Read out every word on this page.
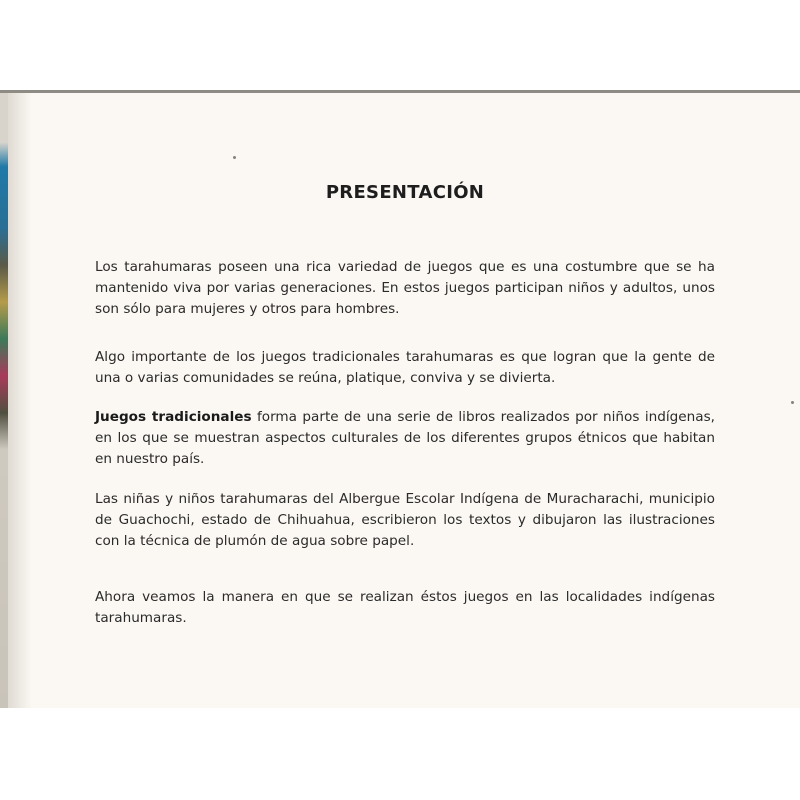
PRESENTACIÓN

Los tarahumaras poseen una rica variedad de juegos que es una costumbre que se ha mantenido viva por varias generaciones. En estos juegos participan niños y adultos, unos son sólo para mujeres y otros para hombres.

Algo importante de los juegos tradicionales tarahumaras es que logran que la gente de una o varias comunidades se reúna, platique, conviva y se divierta.

Juegos tradicionales forma parte de una serie de libros realizados por niños indígenas, en los que se muestran aspectos culturales de los diferentes grupos étnicos que habitan en nuestro país.

Las niñas y niños tarahumaras del Albergue Escolar Indígena de Muracharachi, municipio de Guachochi, estado de Chihuahua, escribieron los textos y dibujaron las ilustraciones con la técnica de plumón de agua sobre papel.

Ahora veamos la manera en que se realizan éstos juegos en las localidades indígenas tarahumaras.
